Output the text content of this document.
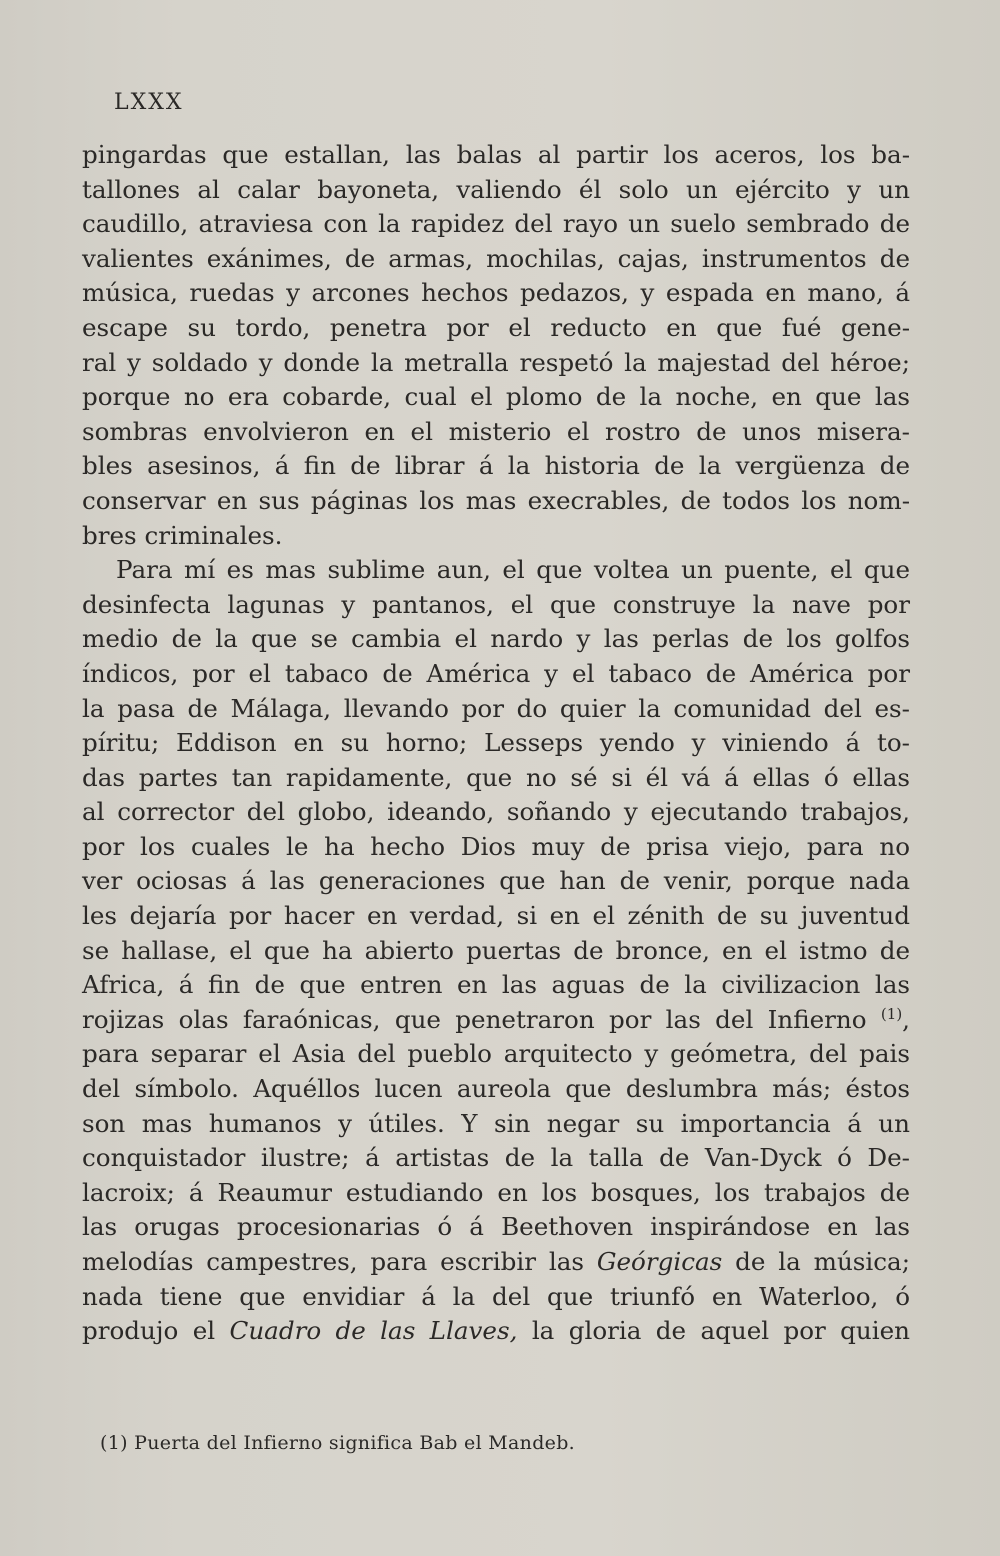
LXXX
pingardas que estallan, las balas al partir los aceros, los ba-
tallones al calar bayoneta, valiendo él solo un ejército y un
caudillo, atraviesa con la rapidez del rayo un suelo sembrado de
valientes exánimes, de armas, mochilas, cajas, instrumentos de
música, ruedas y arcones hechos pedazos, y espada en mano, á
escape su tordo, penetra por el reducto en que fué gene-
ral y soldado y donde la metralla respetó la majestad del héroe;
porque no era cobarde, cual el plomo de la noche, en que las
sombras envolvieron en el misterio el rostro de unos misera-
bles asesinos, á fin de librar á la historia de la vergüenza de
conservar en sus páginas los mas execrables, de todos los nom-
bres criminales.
Para mí es mas sublime aun, el que voltea un puente, el que
desinfecta lagunas y pantanos, el que construye la nave por
medio de la que se cambia el nardo y las perlas de los golfos
índicos, por el tabaco de América y el tabaco de América por
la pasa de Málaga, llevando por do quier la comunidad del es-
píritu; Eddison en su horno; Lesseps yendo y viniendo á to-
das partes tan rapidamente, que no sé si él vá á ellas ó ellas
al corrector del globo, ideando, soñando y ejecutando trabajos,
por los cuales le ha hecho Dios muy de prisa viejo, para no
ver ociosas á las generaciones que han de venir, porque nada
les dejaría por hacer en verdad, si en el zénith de su juventud
se hallase, el que ha abierto puertas de bronce, en el istmo de
Africa, á fin de que entren en las aguas de la civilizacion las
rojizas olas faraónicas, que penetraron por las del Infierno $^{(1)}$,
para separar el Asia del pueblo arquitecto y geómetra, del pais
del símbolo. Aquéllos lucen aureola que deslumbra más; éstos
son mas humanos y útiles. Y sin negar su importancia á un
conquistador ilustre; á artistas de la talla de Van-Dyck ó De-
lacroix; á Reaumur estudiando en los bosques, los trabajos de
las orugas procesionarias ó á Beethoven inspirándose en las
melodías campestres, para escribir las Geórgicas de la música;
nada tiene que envidiar á la del que triunfó en Waterloo, ó
produjo el Cuadro de las Llaves, la gloria de aquel por quien
(1) Puerta del Infierno significa Bab el Mandeb.
